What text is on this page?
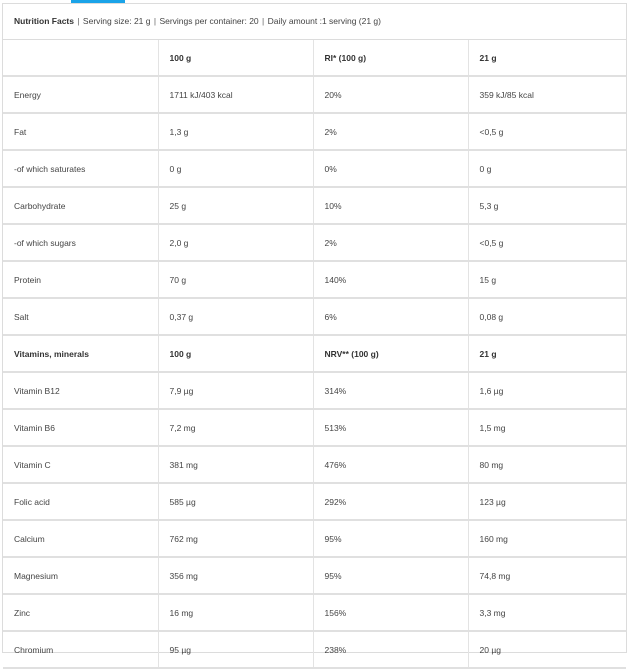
Nutrition Facts | Serving size: 21 g | Servings per container: 20 | Daily amount :1 serving (21 g)
	100 g	RI* (100 g)	21 g
Energy	1711 kJ/403 kcal	20%	359 kJ/85 kcal
Fat	1,3 g	2%	<0,5 g
-of which saturates	0 g	0%	0 g
Carbohydrate	25 g	10%	5,3 g
-of which sugars	2,0 g	2%	<0,5 g
Protein	70 g	140%	15 g
Salt	0,37 g	6%	0,08 g
Vitamins, minerals	100 g	NRV** (100 g)	21 g
Vitamin B12	7,9 µg	314%	1,6 µg
Vitamin B6	7,2 mg	513%	1,5 mg
Vitamin C	381 mg	476%	80 mg
Folic acid	585 µg	292%	123 µg
Calcium	762 mg	95%	160 mg
Magnesium	356 mg	95%	74,8 mg
Zinc	16 mg	156%	3,3 mg
Chromium	95 µg	238%	20 µg
